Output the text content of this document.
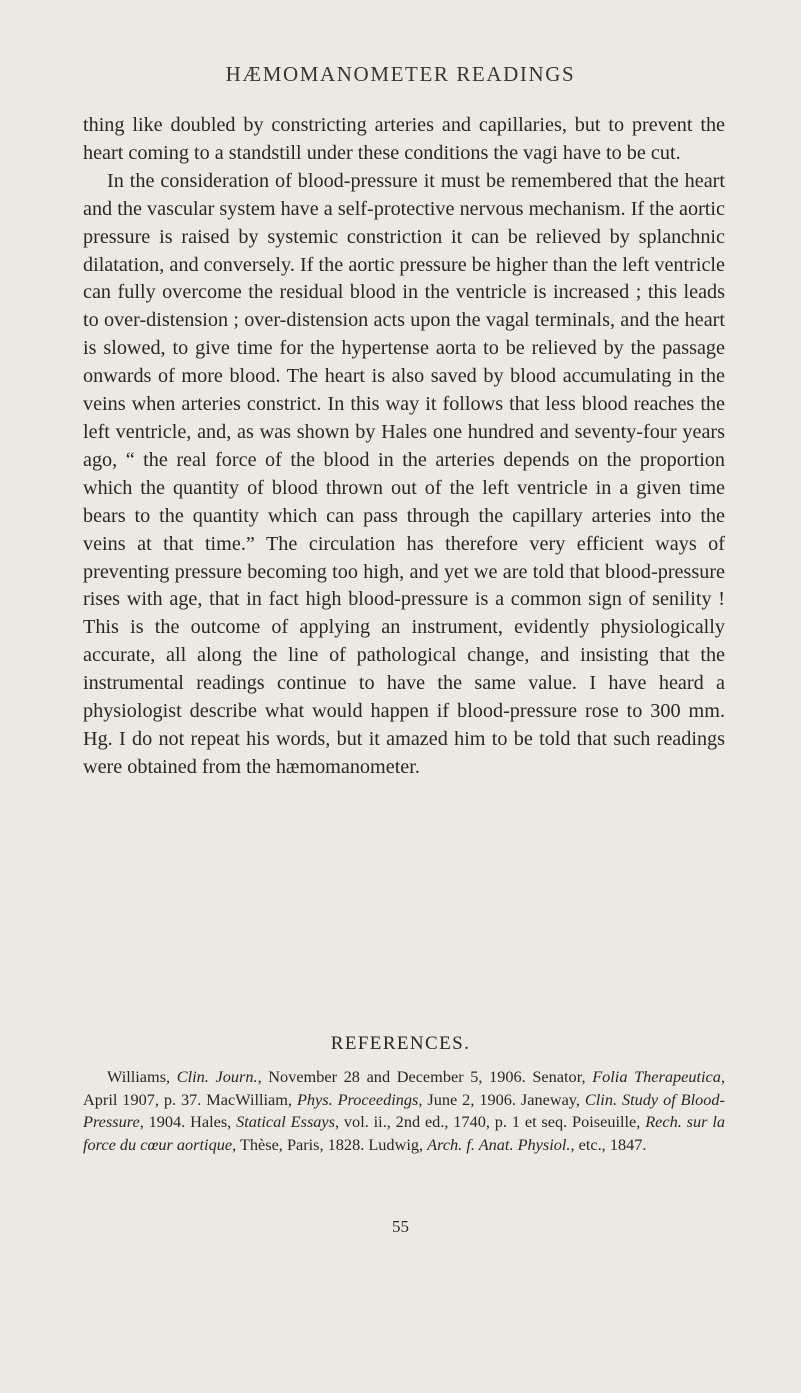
HÆMOMANOMETER READINGS

thing like doubled by constricting arteries and capillaries, but to prevent the heart coming to a standstill under these conditions the vagi have to be cut.

In the consideration of blood-pressure it must be remembered that the heart and the vascular system have a self-protective nervous mechanism. If the aortic pressure is raised by systemic constriction it can be relieved by splanchnic dilatation, and conversely. If the aortic pressure be higher than the left ventricle can fully overcome the residual blood in the ventricle is increased ; this leads to over-distension ; over-distension acts upon the vagal terminals, and the heart is slowed, to give time for the hypertense aorta to be relieved by the passage onwards of more blood. The heart is also saved by blood accumulating in the veins when arteries constrict. In this way it follows that less blood reaches the left ventricle, and, as was shown by Hales one hundred and seventy-four years ago, “ the real force of the blood in the arteries depends on the proportion which the quantity of blood thrown out of the left ventricle in a given time bears to the quantity which can pass through the capillary arteries into the veins at that time.” The circulation has therefore very efficient ways of preventing pressure becoming too high, and yet we are told that blood-pressure rises with age, that in fact high blood-pressure is a common sign of senility ! This is the outcome of applying an instrument, evidently physiologically accurate, all along the line of pathological change, and insisting that the instrumental readings continue to have the same value. I have heard a physiologist describe what would happen if blood-pressure rose to 300 mm. Hg. I do not repeat his words, but it amazed him to be told that such readings were obtained from the hæmomanometer.

REFERENCES.
Williams, Clin. Journ., November 28 and December 5, 1906. Senator, Folia Therapeutica, April 1907, p. 37. MacWilliam, Phys. Proceedings, June 2, 1906. Janeway, Clin. Study of Blood-Pressure, 1904. Hales, Statical Essays, vol. ii., 2nd ed., 1740, p. 1 et seq. Poiseuille, Rech. sur la force du cœur aortique, Thèse, Paris, 1828. Ludwig, Arch. f. Anat. Physiol., etc., 1847.
55
